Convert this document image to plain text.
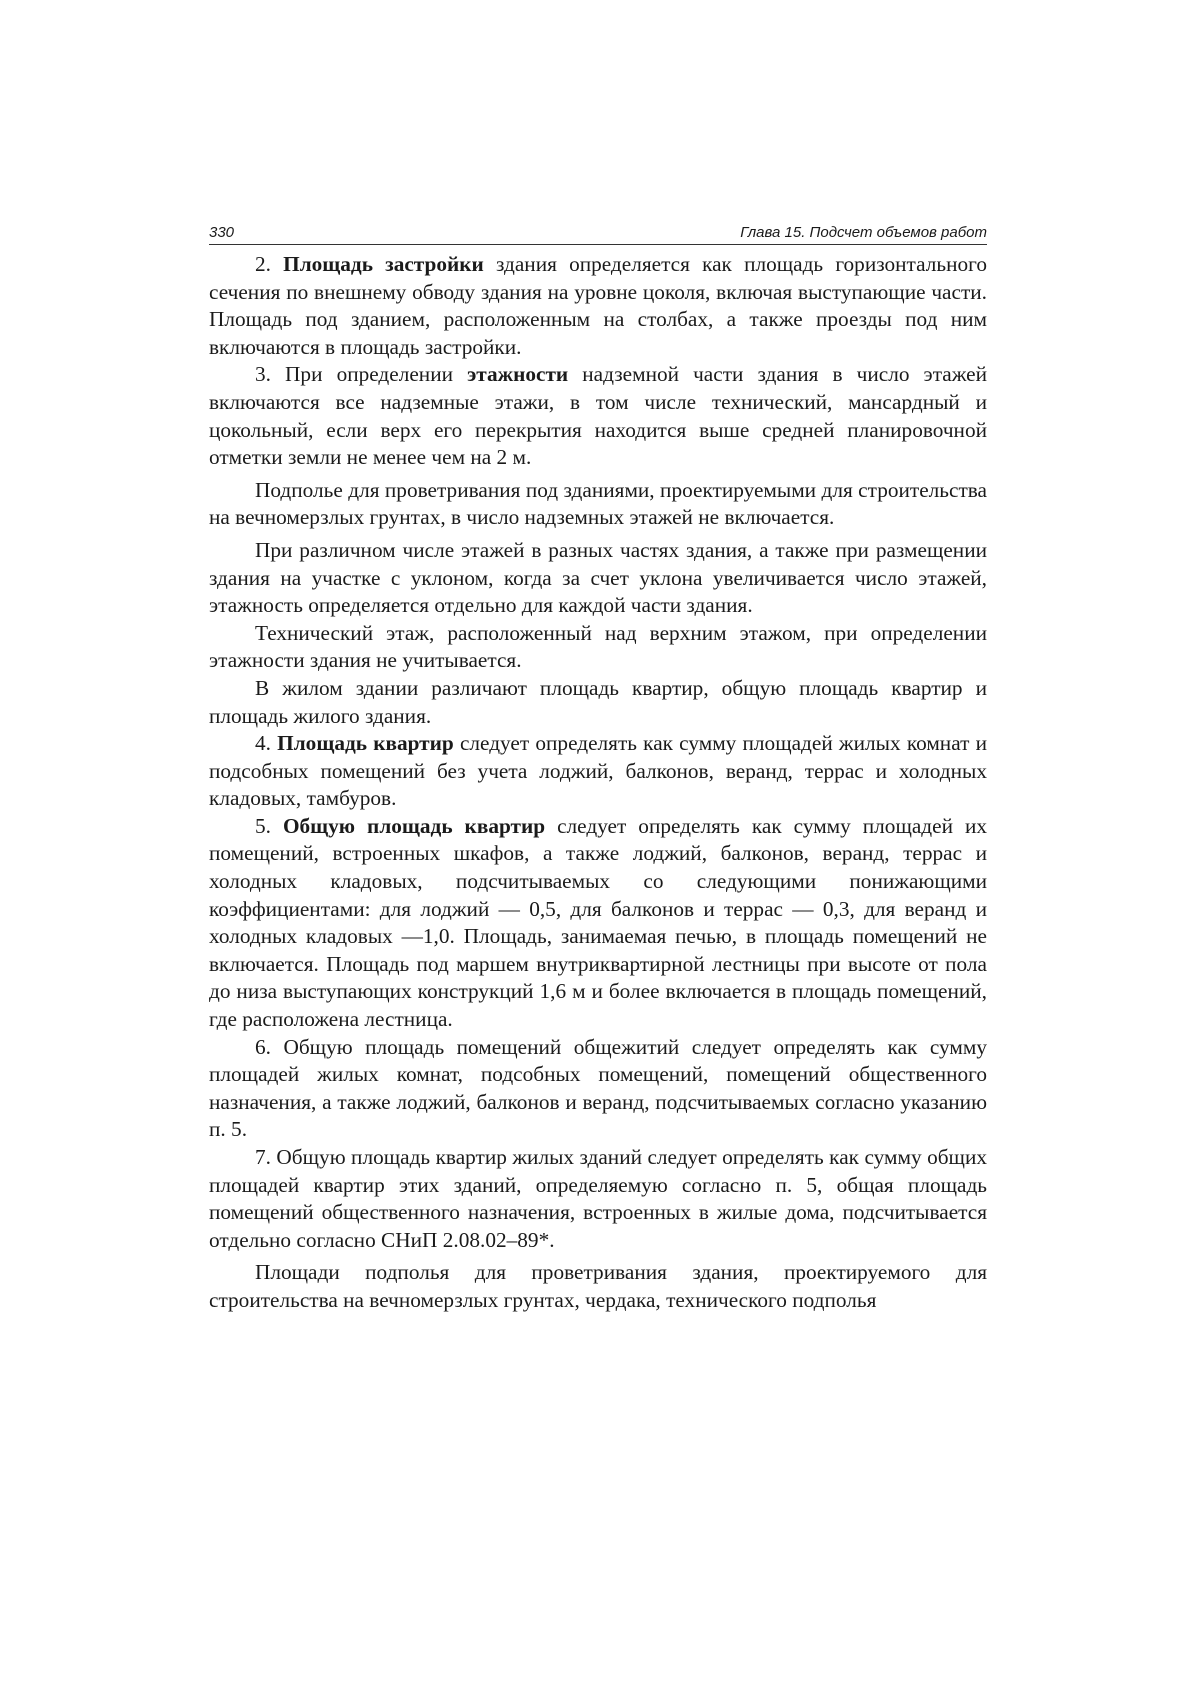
330	Глава 15. Подсчет объемов работ

2. Площадь застройки здания определяется как площадь горизонтального сечения по внешнему обводу здания на уровне цоколя, включая выступающие части. Площадь под зданием, расположенным на столбах, а также проезды под ним включаются в площадь застройки.

3. При определении этажности надземной части здания в число этажей включаются все надземные этажи, в том числе технический, мансардный и цокольный, если верх его перекрытия находится выше средней планировочной отметки земли не менее чем на 2 м.

Подполье для проветривания под зданиями, проектируемыми для строительства на вечномерзлых грунтах, в число надземных этажей не включается.

При различном числе этажей в разных частях здания, а также при размещении здания на участке с уклоном, когда за счет уклона увеличивается число этажей, этажность определяется отдельно для каждой части здания.

Технический этаж, расположенный над верхним этажом, при определении этажности здания не учитывается.

В жилом здании различают площадь квартир, общую площадь квартир и площадь жилого здания.

4. Площадь квартир следует определять как сумму площадей жилых комнат и подсобных помещений без учета лоджий, балконов, веранд, террас и холодных кладовых, тамбуров.

5. Общую площадь квартир следует определять как сумму площадей их помещений, встроенных шкафов, а также лоджий, балконов, веранд, террас и холодных кладовых, подсчитываемых со следующими понижающими коэффициентами: для лоджий — 0,5, для балконов и террас — 0,3, для веранд и холодных кладовых —1,0. Площадь, занимаемая печью, в площадь помещений не включается. Площадь под маршем внутриквартирной лестницы при высоте от пола до низа выступающих конструкций 1,6 м и более включается в площадь помещений, где расположена лестница.

6. Общую площадь помещений общежитий следует определять как сумму площадей жилых комнат, подсобных помещений, помещений общественного назначения, а также лоджий, балконов и веранд, подсчитываемых согласно указанию п. 5.

7. Общую площадь квартир жилых зданий следует определять как сумму общих площадей квартир этих зданий, определяемую согласно п. 5, общая площадь помещений общественного назначения, встроенных в жилые дома, подсчитывается отдельно согласно СНиП 2.08.02–89*.

Площади подполья для проветривания здания, проектируемого для строительства на вечномерзлых грунтах, чердака, технического подполья
